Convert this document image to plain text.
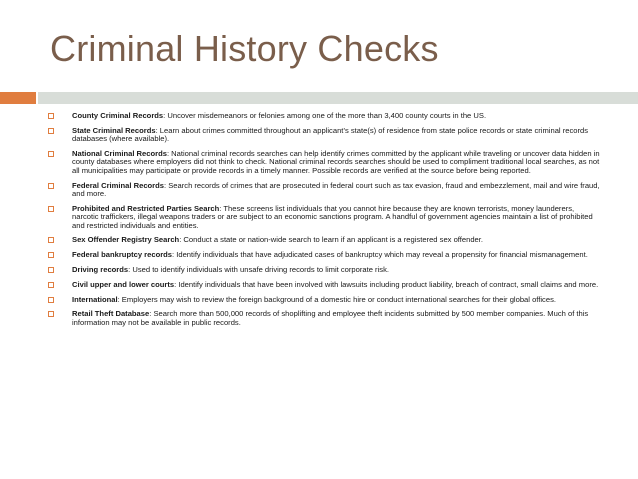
Criminal History Checks
County Criminal Records: Uncover misdemeanors or felonies among one of the more than 3,400 county courts in the US.
State Criminal Records: Learn about crimes committed throughout an applicant’s state(s) of residence from state police records or state criminal records databases (where available).
National Criminal Records: National criminal records searches can help identify crimes committed by the applicant while traveling or uncover data hidden in county databases where employers did not think to check. National criminal records searches should be used to compliment traditional local searches, as not all municipalities may participate or provide records in a timely manner. Possible records are verified at the source before being reported.
Federal Criminal Records: Search records of crimes that are prosecuted in federal court such as tax evasion, fraud and embezzlement, mail and wire fraud, and more.
Prohibited and Restricted Parties Search: These screens list individuals that you cannot hire because they are known terrorists, money launderers, narcotic traffickers, illegal weapons traders or are subject to an economic sanctions program. A handful of government agencies maintain a list of prohibited and restricted individuals and entities.
Sex Offender Registry Search: Conduct a state or nation-wide search to learn if an applicant is a registered sex offender.
Federal bankruptcy records: Identify individuals that have adjudicated cases of bankruptcy which may reveal a propensity for financial mismanagement.
Driving records: Used to identify individuals with unsafe driving records to limit corporate risk.
Civil upper and lower courts: Identify individuals that have been involved with lawsuits including product liability, breach of contract, small claims and more.
International: Employers may wish to review the foreign background of a domestic hire or conduct international searches for their global offices.
Retail Theft Database: Search more than 500,000 records of shoplifting and employee theft incidents submitted by 500 member companies. Much of this information may not be available in public records.
